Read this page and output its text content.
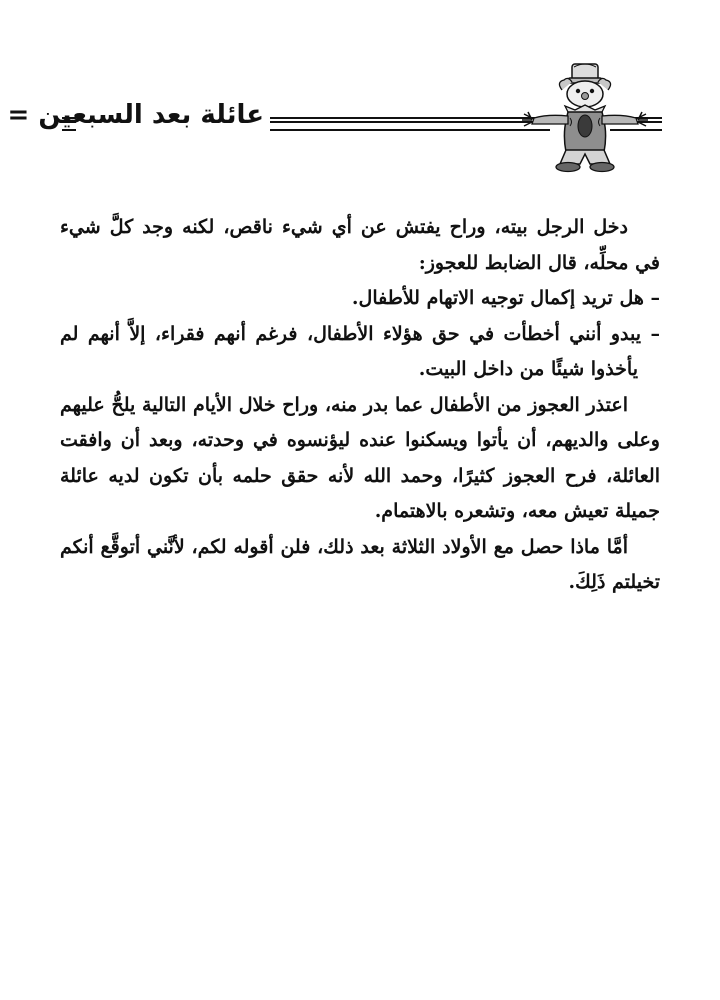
عائلة بعد السبعين =

دخل الرجل بيته، وراح يفتش عن أي شيء ناقص، لكنه وجد كلَّ شيء في محلِّه، قال الضابط للعجوز:

– هل تريد إكمال توجيه الاتهام للأطفال.

– يبدو أنني أخطأت في حق هؤلاء الأطفال، فرغم أنهم فقراء، إلاَّ أنهم لم يأخذوا شيئًا من داخل البيت.

اعتذر العجوز من الأطفال عما بدر منه، وراح خلال الأيام التالية يلحُّ عليهم وعلى والديهم، أن يأتوا ويسكنوا عنده ليؤنسوه في وحدته، وبعد أن وافقت العائلة، فرح العجوز كثيرًا، وحمد الله لأنه حقق حلمه بأن تكون لديه عائلة جميلة تعيش معه، وتشعره بالاهتمام.

أمَّا ماذا حصل مع الأولاد الثلاثة بعد ذلك، فلن أقوله لكم، لأنَّني أتوقَّع أنكم تخيلتم ذَلِكَ.
